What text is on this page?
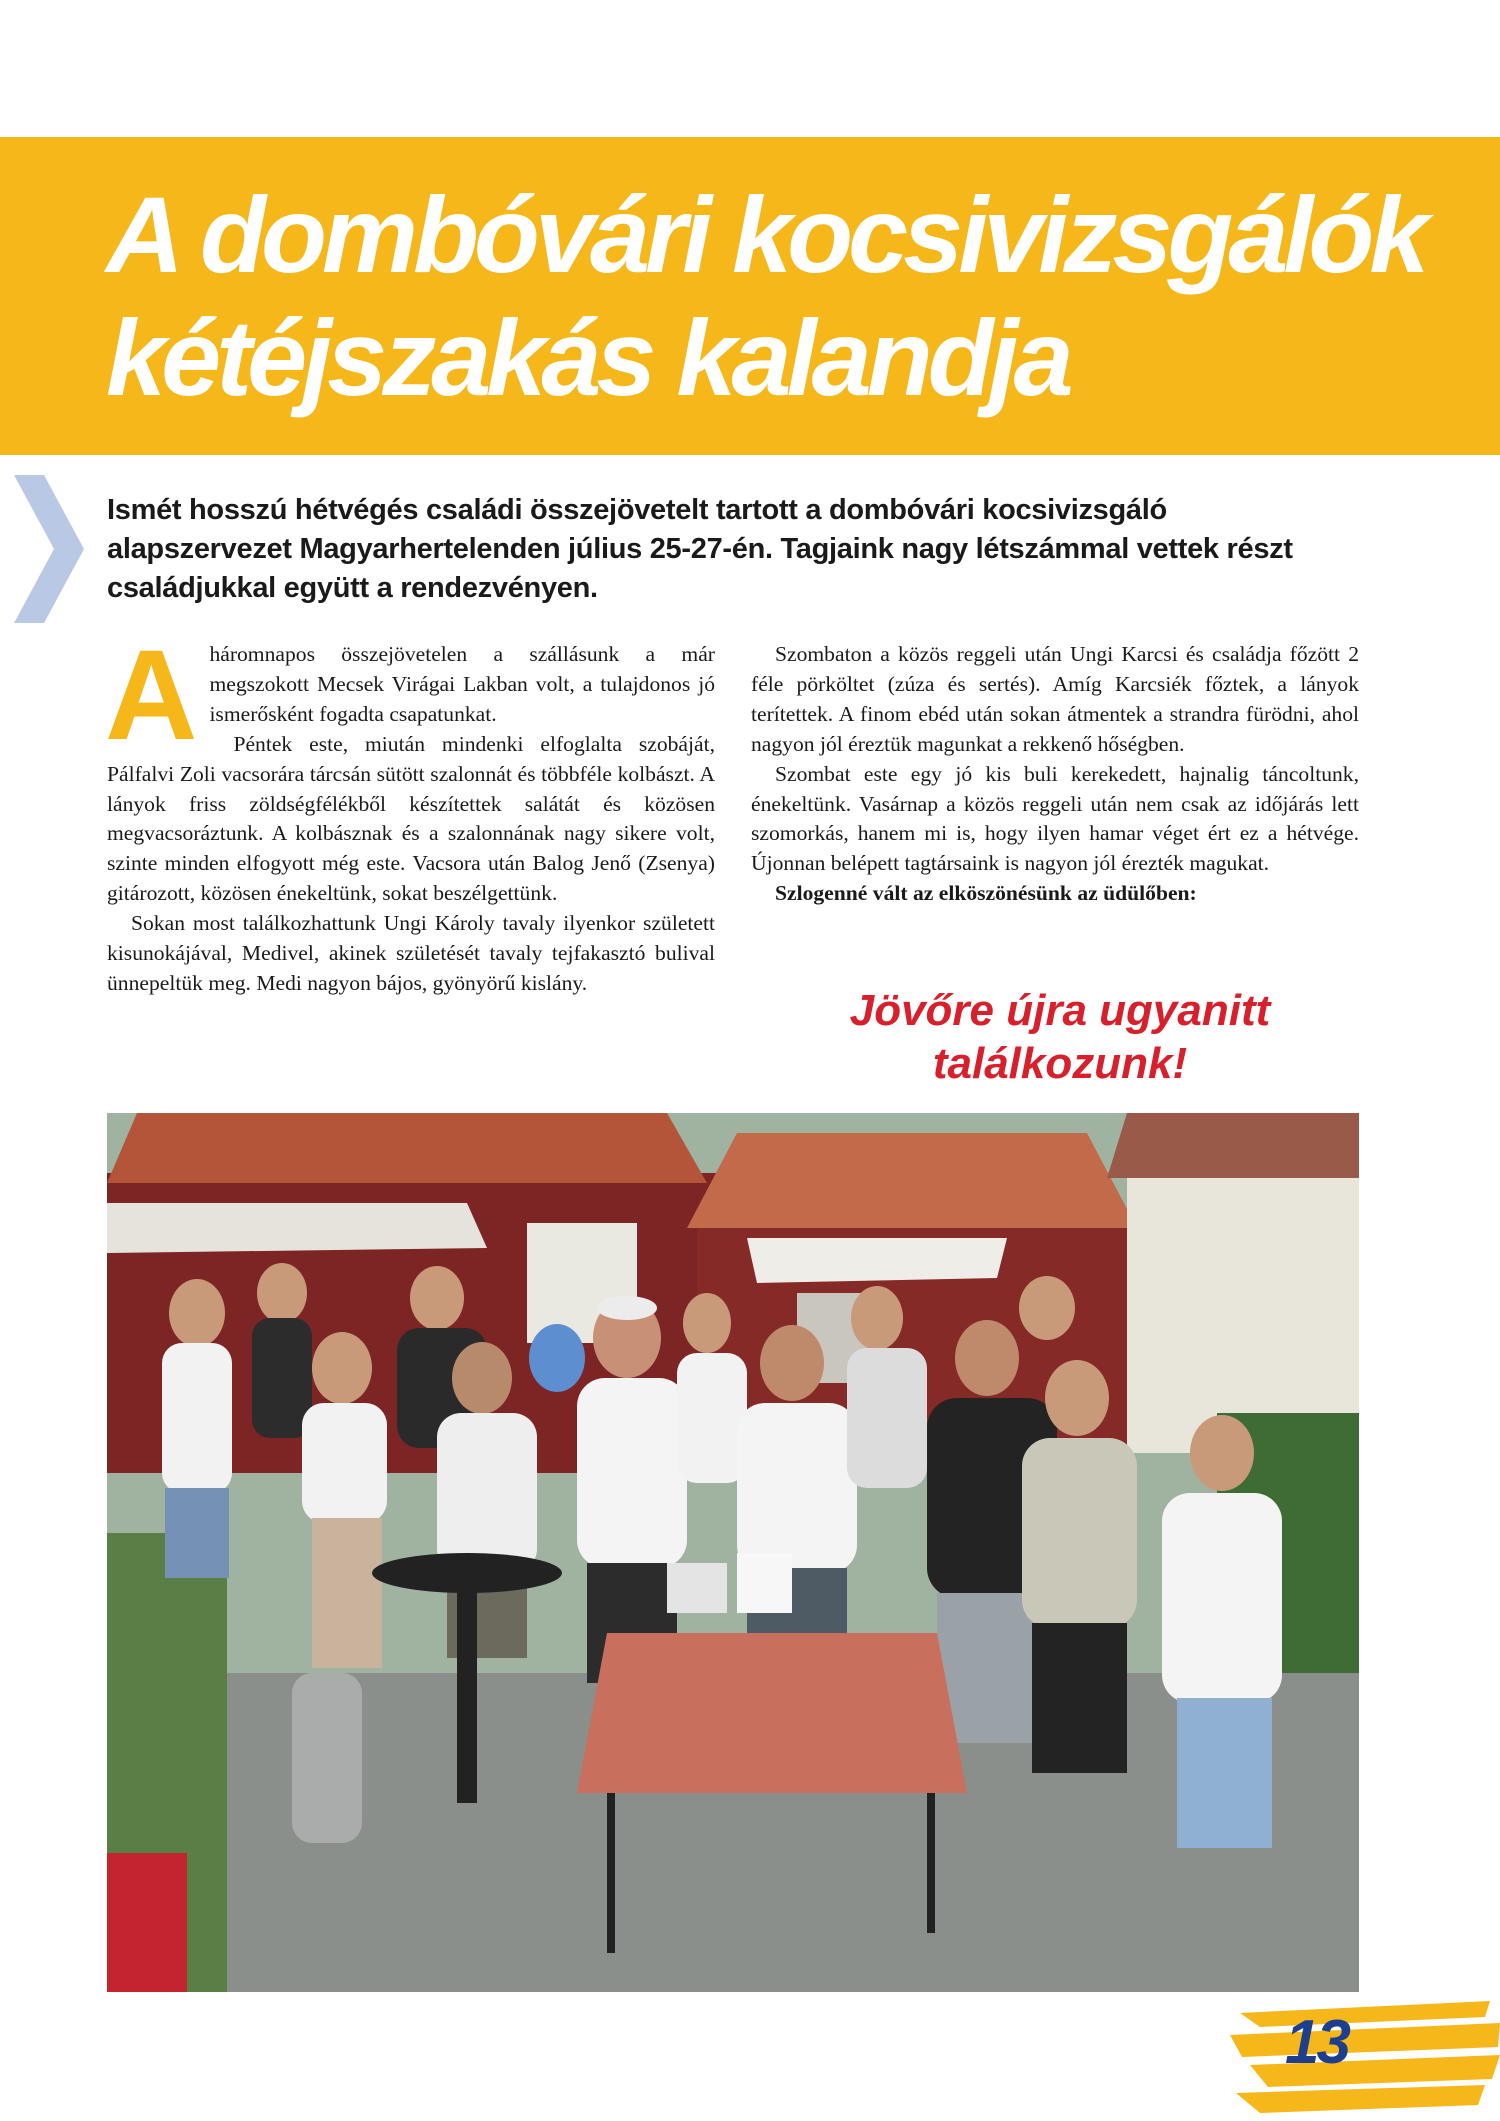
A dombóvári kocsivizsgálók
kétéjszakás kalandja
Ismét hosszú hétvégés családi összejövetelt tartott a dombóvári kocsivizsgáló alapszervezet Magyarhertelenden július 25-27-én. Tagjaink nagy létszámmal vettek részt családjukkal együtt a rendezvényen.
A háromnapos összejövetelen a szállásunk a már megszokott Mecsek Virágai Lakban volt, a tulajdonos jó ismerősként fogadta csapatunkat.

Péntek este, miután mindenki elfoglalta szobáját, Pálfalvi Zoli vacsorára tárcsán sütött szalonnát és többféle kolbászt. A lányok friss zöldségfélékből készítettek salátát és közösen megvacsoráztunk. A kolbásznak és a szalonnának nagy sikere volt, szinte minden elfogyott még este. Vacsora után Balog Jenő (Zsenya) gitározott, közösen énekeltünk, sokat beszélgettünk.

Sokan most találkozhattunk Ungi Károly tavaly ilyenkor született kisunokájával, Medivel, akinek születését tavaly tejfakasztó bulival ünnepeltük meg. Medi nagyon bájos, gyönyörű kislány.

Szombaton a közös reggeli után Ungi Karcsi és családja főzött 2 féle pörköltet (zúza és sertés). Amíg Karcsiék főztek, a lányok terítettek. A finom ebéd után sokan átmentek a strandra fürödni, ahol nagyon jól éreztük magunkat a rekkenő hőségben.

Szombat este egy jó kis buli kerekedett, hajnalig táncoltunk, énekeltünk. Vasárnap a közös reggeli után nem csak az időjárás lett szomorkás, hanem mi is, hogy ilyen hamar véget ért ez a hétvége. Újonnan belépett tagtársaink is nagyon jól érezték magukat.

Szlogenné vált az elköszönésünk az üdülőben:

Jövőre újra ugyanitt
találkozunk!
13
